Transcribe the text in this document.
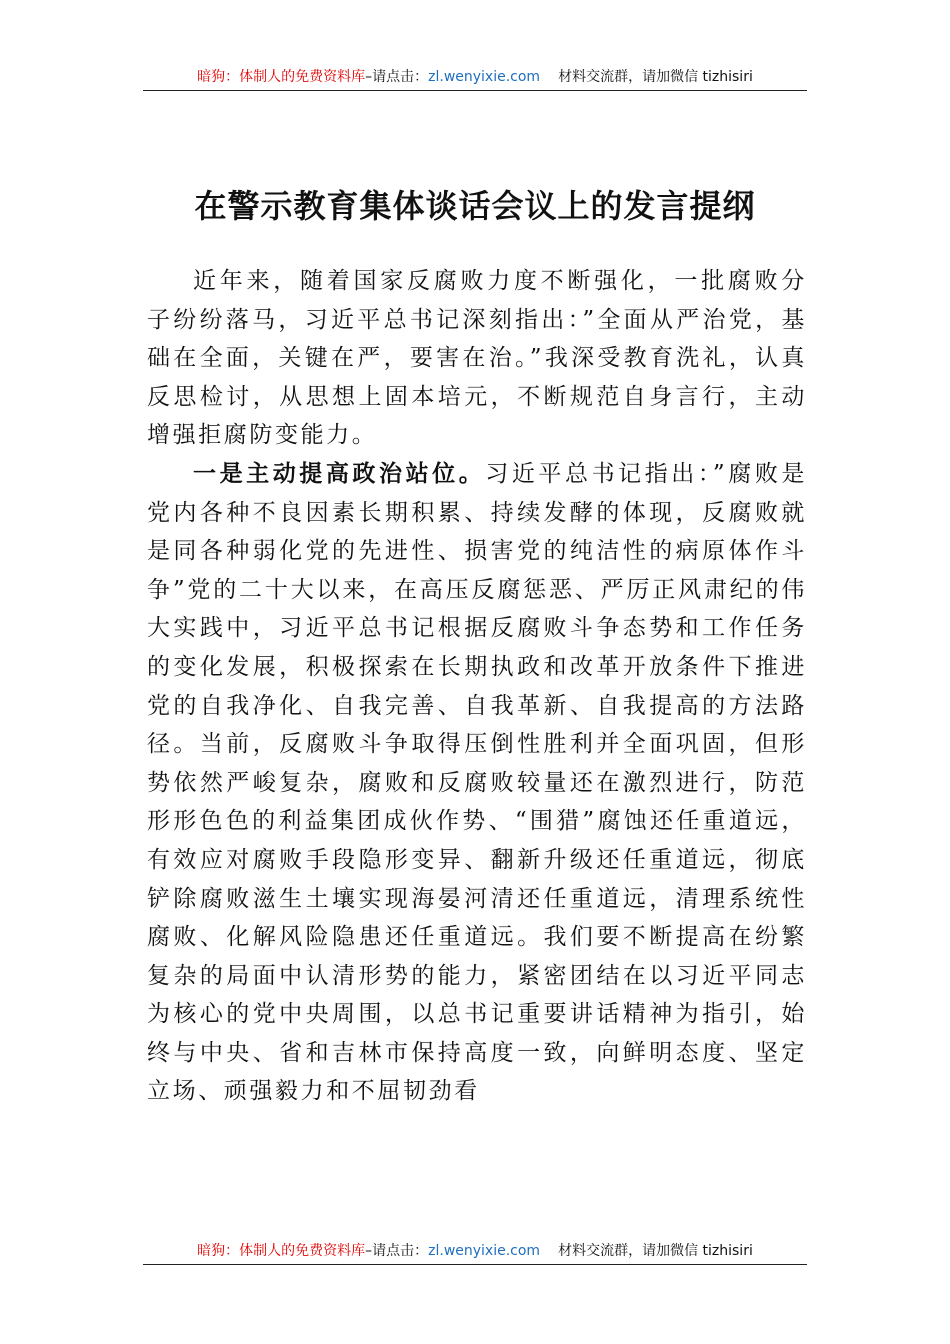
暗狗：体制人的免费资料库–请点击：zl.wenyixie.com 材料交流群，请加微信 tizhisiri
在警示教育集体谈话会议上的发言提纲

近年来，随着国家反腐败力度不断强化，一批腐败分子纷纷落马，习近平总书记深刻指出：”全面从严治党，基础在全面，关键在严，要害在治。”我深受教育洗礼，认真反思检讨，从思想上固本培元，不断规范自身言行，主动增强拒腐防变能力。

一是主动提高政治站位。习近平总书记指出：”腐败是党内各种不良因素长期积累、持续发酵的体现，反腐败就是同各种弱化党的先进性、损害党的纯洁性的病原体作斗争”党的二十大以来，在高压反腐惩恶、严厉正风肃纪的伟大实践中，习近平总书记根据反腐败斗争态势和工作任务的变化发展，积极探索在长期执政和改革开放条件下推进党的自我净化、自我完善、自我革新、自我提高的方法路径。当前，反腐败斗争取得压倒性胜利并全面巩固，但形势依然严峻复杂，腐败和反腐败较量还在激烈进行，防范形形色色的利益集团成伙作势、“围猎”腐蚀还任重道远，有效应对腐败手段隐形变异、翻新升级还任重道远，彻底铲除腐败滋生土壤实现海晏河清还任重道远，清理系统性腐败、化解风险隐患还任重道远。我们要不断提高在纷繁复杂的局面中认清形势的能力，紧密团结在以习近平同志为核心的党中央周围，以总书记重要讲话精神为指引，始终与中央、省和吉林市保持高度一致，向鲜明态度、坚定立场、顽强毅力和不屈韧劲看

暗狗：体制人的免费资料库–请点击：zl.wenyixie.com 材料交流群，请加微信 tizhisiri
